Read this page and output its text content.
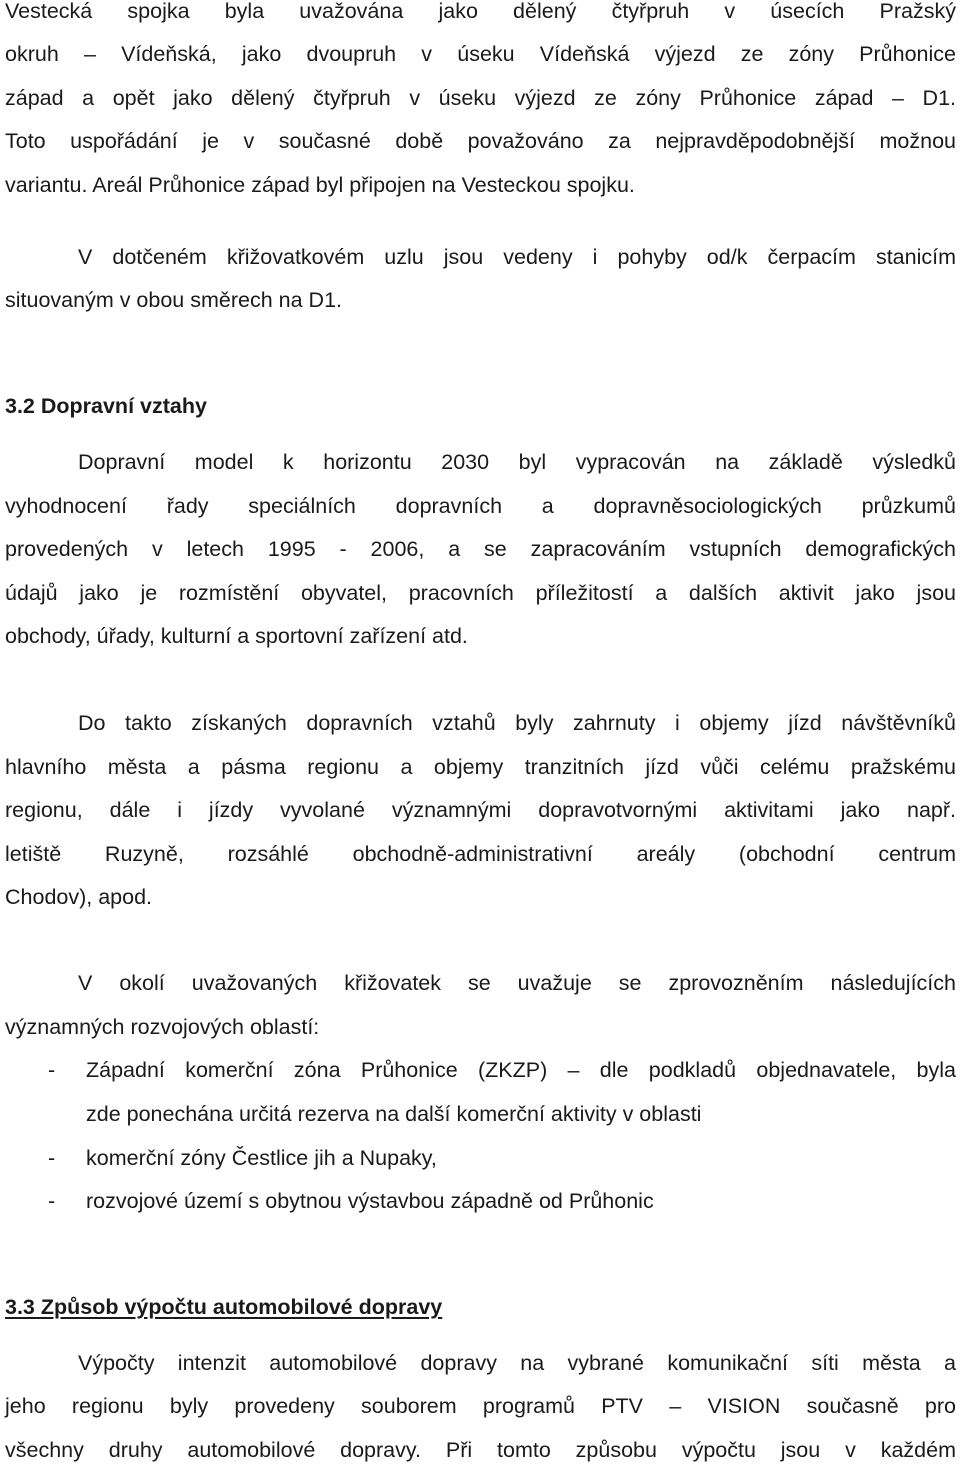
Vestecká spojka byla uvažována jako dělený čtyřpruh v úsecích Pražský
okruh – Vídeňská, jako dvoupruh v úseku Vídeňská výjezd ze zóny Průhonice
západ a opět jako dělený čtyřpruh v úseku výjezd ze zóny Průhonice západ – D1.
Toto uspořádání je v současné době považováno za nejpravděpodobnější možnou
variantu. Areál Průhonice západ byl připojen na Vesteckou spojku.
V dotčeném křižovatkovém uzlu jsou vedeny i pohyby od/k čerpacím stanicím
situovaným v obou směrech na D1.
3.2 Dopravní vztahy
Dopravní model k horizontu 2030 byl vypracován na základě výsledků
vyhodnocení řady speciálních dopravních a dopravněsociologických průzkumů
provedených v letech 1995 - 2006, a se zapracováním vstupních demografických
údajů jako je rozmístění obyvatel, pracovních příležitostí a dalších aktivit jako jsou
obchody, úřady, kulturní a sportovní zařízení atd.
Do takto získaných dopravních vztahů byly zahrnuty i objemy jízd návštěvníků
hlavního města a pásma regionu a objemy tranzitních jízd vůči celému pražskému
regionu, dále i jízdy vyvolané významnými dopravotvornými aktivitami jako např.
letiště Ruzyně, rozsáhlé obchodně-administrativní areály (obchodní centrum
Chodov), apod.
V okolí uvažovaných křižovatek se uvažuje se zprovozněním následujících
významných rozvojových oblastí:
- Západní komerční zóna Průhonice (ZKZP) – dle podkladů objednavatele, byla
zde ponechána určitá rezerva na další komerční aktivity v oblasti
- komerční zóny Čestlice jih a Nupaky,
- rozvojové území s obytnou výstavbou západně od Průhonic
3.3 Způsob výpočtu automobilové dopravy
Výpočty intenzit automobilové dopravy na vybrané komunikační síti města a
jeho regionu byly provedeny souborem programů PTV – VISION současně pro
všechny druhy automobilové dopravy. Při tomto způsobu výpočtu jsou v každém
